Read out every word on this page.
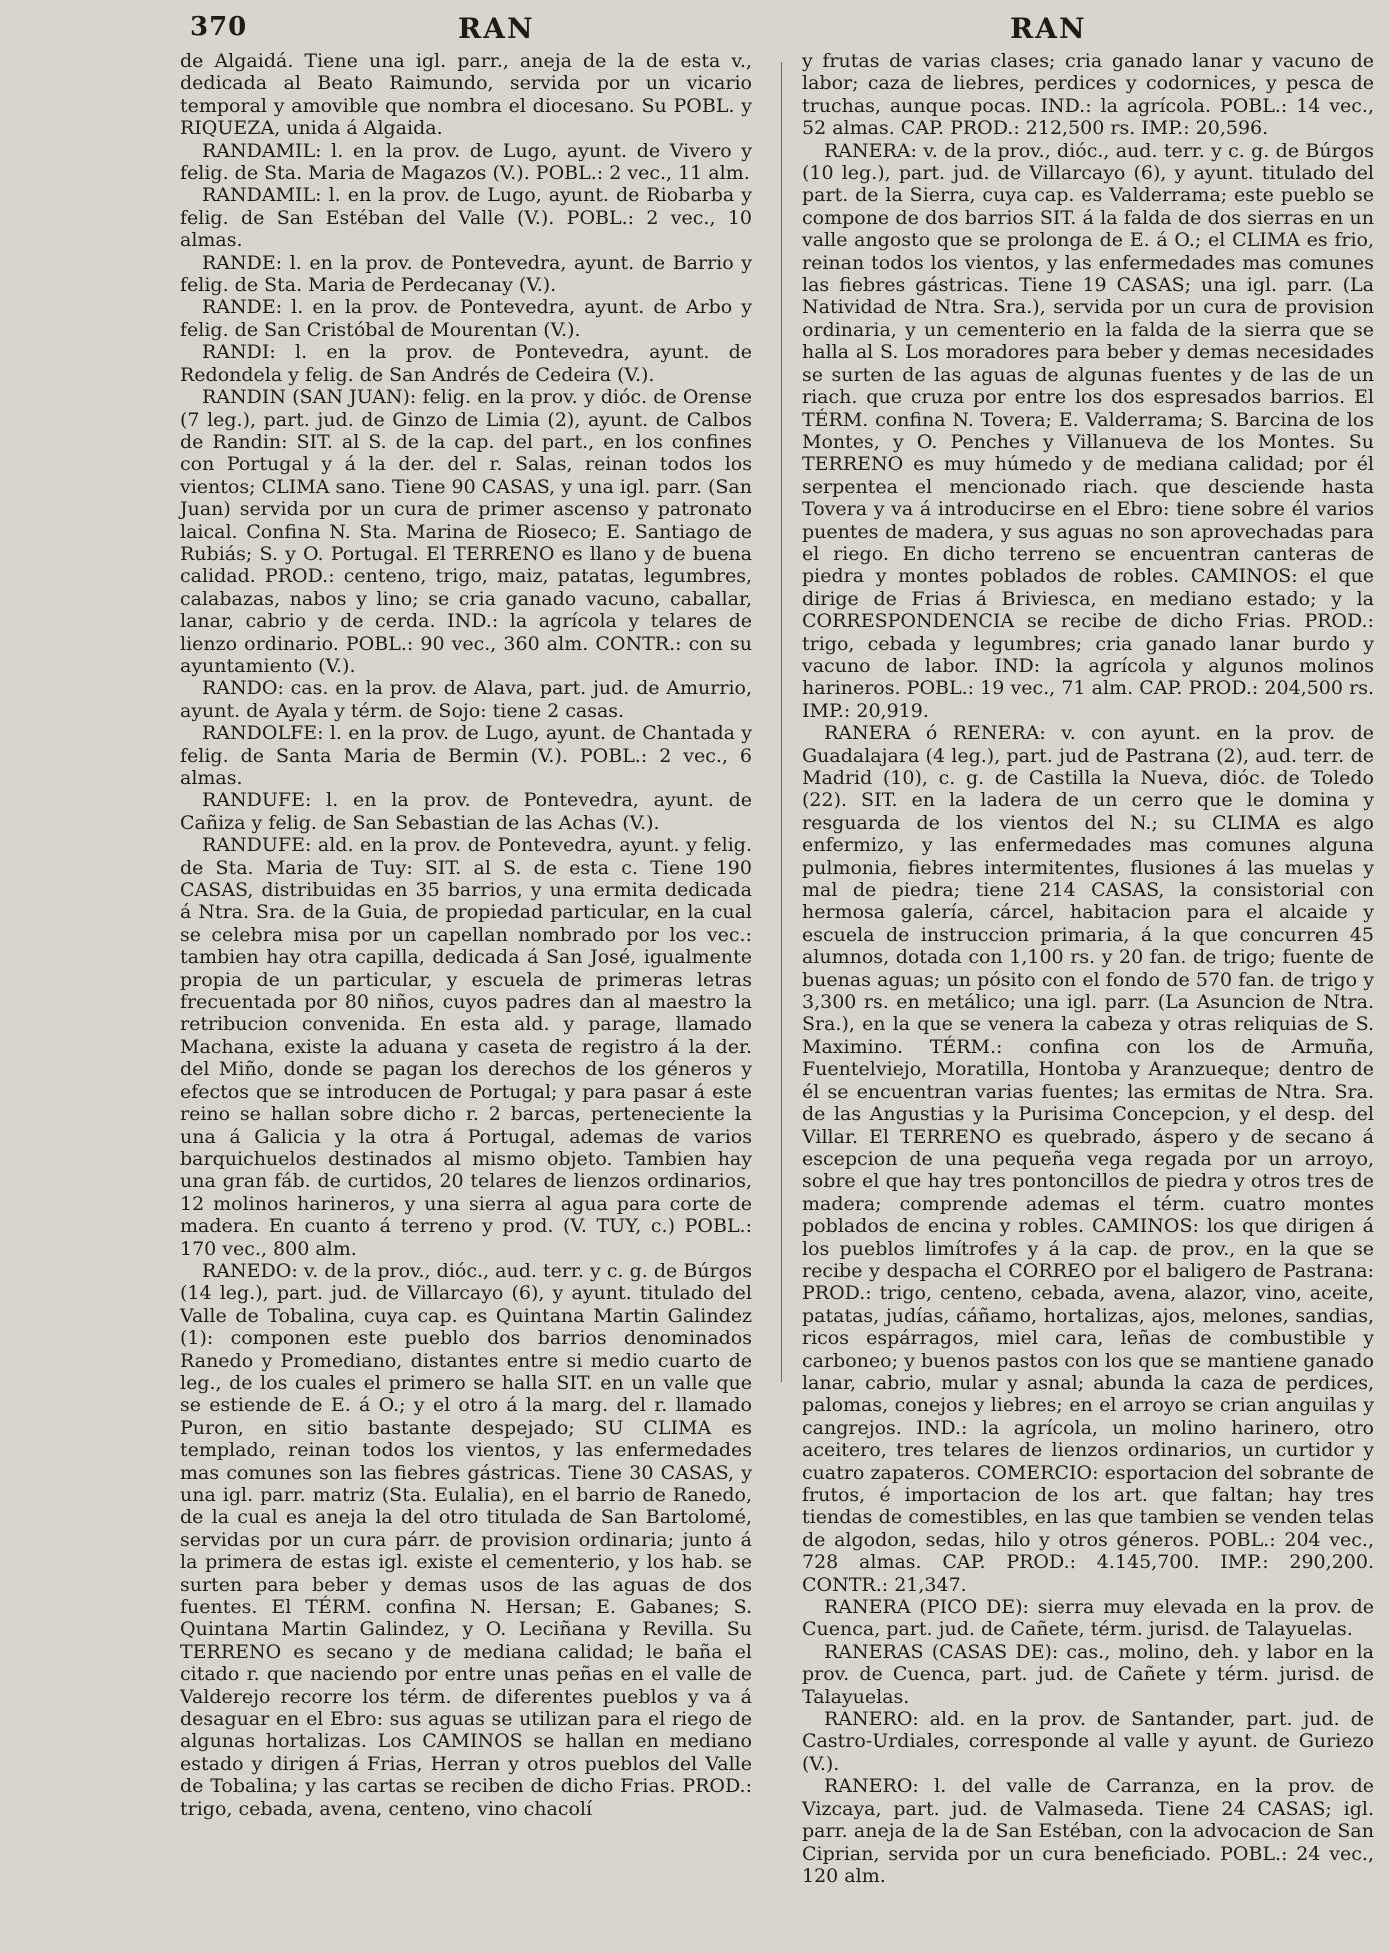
370	RAN	RAN

de Algaidá. Tiene una igl. parr., aneja de la de esta v., dedicada al Beato Raimundo, servida por un vicario temporal y amovible que nombra el diocesano. Su POBL. y RIQUEZA, unida á Algaida.

RANDAMIL: l. en la prov. de Lugo, ayunt. de Vivero y felig. de Sta. Maria de Magazos (V.). POBL.: 2 vec., 11 alm.

RANDAMIL: l. en la prov. de Lugo, ayunt. de Riobarba y felig. de San Estéban del Valle (V.). POBL.: 2 vec., 10 almas.

RANDE: l. en la prov. de Pontevedra, ayunt. de Barrio y felig. de Sta. Maria de Perdecanay (V.).

RANDE: l. en la prov. de Pontevedra, ayunt. de Arbo y felig. de San Cristóbal de Mourentan (V.).

RANDI: l. en la prov. de Pontevedra, ayunt. de Redondela y felig. de San Andrés de Cedeira (V.).

RANDIN (SAN JUAN): felig. en la prov. y dióc. de Orense (7 leg.), part. jud. de Ginzo de Limia (2), ayunt. de Calbos de Randin: SIT. al S. de la cap. del part., en los confines con Portugal y á la der. del r. Salas, reinan todos los vientos; CLIMA sano. Tiene 90 CASAS, y una igl. parr. (San Juan) servida por un cura de primer ascenso y patronato laical. Confina N. Sta. Marina de Rioseco; E. Santiago de Rubiás; S. y O. Portugal. El TERRENO es llano y de buena calidad. PROD.: centeno, trigo, maiz, patatas, legumbres, calabazas, nabos y lino; se cria ganado vacuno, caballar, lanar, cabrio y de cerda. IND.: la agrícola y telares de lienzo ordinario. POBL.: 90 vec., 360 alm. CONTR.: con su ayuntamiento (V.).

RANDO: cas. en la prov. de Alava, part. jud. de Amurrio, ayunt. de Ayala y térm. de Sojo: tiene 2 casas.

RANDOLFE: l. en la prov. de Lugo, ayunt. de Chantada y felig. de Santa Maria de Bermin (V.). POBL.: 2 vec., 6 almas.

RANDUFE: l. en la prov. de Pontevedra, ayunt. de Cañiza y felig. de San Sebastian de las Achas (V.).

RANDUFE: ald. en la prov. de Pontevedra, ayunt. y felig. de Sta. Maria de Tuy: SIT. al S. de esta c. Tiene 190 CASAS, distribuidas en 35 barrios, y una ermita dedicada á Ntra. Sra. de la Guia, de propiedad particular, en la cual se celebra misa por un capellan nombrado por los vec.: tambien hay otra capilla, dedicada á San José, igualmente propia de un particular, y escuela de primeras letras frecuentada por 80 niños, cuyos padres dan al maestro la retribucion convenida. En esta ald. y parage, llamado Machana, existe la aduana y caseta de registro á la der. del Miño, donde se pagan los derechos de los géneros y efectos que se introducen de Portugal; y para pasar á este reino se hallan sobre dicho r. 2 barcas, perteneciente la una á Galicia y la otra á Portugal, ademas de varios barquichuelos destinados al mismo objeto. Tambien hay una gran fáb. de curtidos, 20 telares de lienzos ordinarios, 12 molinos harineros, y una sierra al agua para corte de madera. En cuanto á terreno y prod. (V. TUY, c.) POBL.: 170 vec., 800 alm.

RANEDO: v. de la prov., dióc., aud. terr. y c. g. de Búrgos (14 leg.), part. jud. de Villarcayo (6), y ayunt. titulado del Valle de Tobalina, cuya cap. es Quintana Martin Galindez (1): componen este pueblo dos barrios denominados Ranedo y Promediano, distantes entre si medio cuarto de leg., de los cuales el primero se halla SIT. en un valle que se estiende de E. á O.; y el otro á la marg. del r. llamado Puron, en sitio bastante despejado; SU CLIMA es templado, reinan todos los vientos, y las enfermedades mas comunes son las fiebres gástricas. Tiene 30 CASAS, y una igl. parr. matriz (Sta. Eulalia), en el barrio de Ranedo, de la cual es aneja la del otro titulada de San Bartolomé, servidas por un cura párr. de provision ordinaria; junto á la primera de estas igl. existe el cementerio, y los hab. se surten para beber y demas usos de las aguas de dos fuentes. El TÉRM. confina N. Hersan; E. Gabanes; S. Quintana Martin Galindez, y O. Leciñana y Revilla. Su TERRENO es secano y de mediana calidad; le baña el citado r. que naciendo por entre unas peñas en el valle de Valderejo recorre los térm. de diferentes pueblos y va á desaguar en el Ebro: sus aguas se utilizan para el riego de algunas hortalizas. Los CAMINOS se hallan en mediano estado y dirigen á Frias, Herran y otros pueblos del Valle de Tobalina; y las cartas se reciben de dicho Frias. PROD.: trigo, cebada, avena, centeno, vino chacolí

y frutas de varias clases; cria ganado lanar y vacuno de labor; caza de liebres, perdices y codornices, y pesca de truchas, aunque pocas. IND.: la agrícola. POBL.: 14 vec., 52 almas. CAP. PROD.: 212,500 rs. IMP.: 20,596.

RANERA: v. de la prov., dióc., aud. terr. y c. g. de Búrgos (10 leg.), part. jud. de Villarcayo (6), y ayunt. titulado del part. de la Sierra, cuya cap. es Valderrama; este pueblo se compone de dos barrios SIT. á la falda de dos sierras en un valle angosto que se prolonga de E. á O.; el CLIMA es frio, reinan todos los vientos, y las enfermedades mas comunes las fiebres gástricas. Tiene 19 CASAS; una igl. parr. (La Natividad de Ntra. Sra.), servida por un cura de provision ordinaria, y un cementerio en la falda de la sierra que se halla al S. Los moradores para beber y demas necesidades se surten de las aguas de algunas fuentes y de las de un riach. que cruza por entre los dos espresados barrios. El TÉRM. confina N. Tovera; E. Valderrama; S. Barcina de los Montes, y O. Penches y Villanueva de los Montes. Su TERRENO es muy húmedo y de mediana calidad; por él serpentea el mencionado riach. que desciende hasta Tovera y va á introducirse en el Ebro: tiene sobre él varios puentes de madera, y sus aguas no son aprovechadas para el riego. En dicho terreno se encuentran canteras de piedra y montes poblados de robles. CAMINOS: el que dirige de Frias á Briviesca, en mediano estado; y la CORRESPONDENCIA se recibe de dicho Frias. PROD.: trigo, cebada y legumbres; cria ganado lanar burdo y vacuno de labor. IND: la agrícola y algunos molinos harineros. POBL.: 19 vec., 71 alm. CAP. PROD.: 204,500 rs. IMP.: 20,919.

RANERA ó RENERA: v. con ayunt. en la prov. de Guadalajara (4 leg.), part. jud de Pastrana (2), aud. terr. de Madrid (10), c. g. de Castilla la Nueva, dióc. de Toledo (22). SIT. en la ladera de un cerro que le domina y resguarda de los vientos del N.; su CLIMA es algo enfermizo, y las enfermedades mas comunes alguna pulmonia, fiebres intermitentes, flusiones á las muelas y mal de piedra; tiene 214 CASAS, la consistorial con hermosa galería, cárcel, habitacion para el alcaide y escuela de instruccion primaria, á la que concurren 45 alumnos, dotada con 1,100 rs. y 20 fan. de trigo; fuente de buenas aguas; un pósito con el fondo de 570 fan. de trigo y 3,300 rs. en metálico; una igl. parr. (La Asuncion de Ntra. Sra.), en la que se venera la cabeza y otras reliquias de S. Maximino. TÉRM.: confina con los de Armuña, Fuentelviejo, Moratilla, Hontoba y Aranzueque; dentro de él se encuentran varias fuentes; las ermitas de Ntra. Sra. de las Angustias y la Purisima Concepcion, y el desp. del Villar. El TERRENO es quebrado, áspero y de secano á escepcion de una pequeña vega regada por un arroyo, sobre el que hay tres pontoncillos de piedra y otros tres de madera; comprende ademas el térm. cuatro montes poblados de encina y robles. CAMINOS: los que dirigen á los pueblos limítrofes y á la cap. de prov., en la que se recibe y despacha el CORREO por el baligero de Pastrana: PROD.: trigo, centeno, cebada, avena, alazor, vino, aceite, patatas, judías, cáñamo, hortalizas, ajos, melones, sandias, ricos espárragos, miel cara, leñas de combustible y carboneo; y buenos pastos con los que se mantiene ganado lanar, cabrio, mular y asnal; abunda la caza de perdices, palomas, conejos y liebres; en el arroyo se crian anguilas y cangrejos. IND.: la agrícola, un molino harinero, otro aceitero, tres telares de lienzos ordinarios, un curtidor y cuatro zapateros. COMERCIO: esportacion del sobrante de frutos, é importacion de los art. que faltan; hay tres tiendas de comestibles, en las que tambien se venden telas de algodon, sedas, hilo y otros géneros. POBL.: 204 vec., 728 almas. CAP. PROD.: 4.145,700. IMP.: 290,200. CONTR.: 21,347.

RANERA (PICO DE): sierra muy elevada en la prov. de Cuenca, part. jud. de Cañete, térm. jurisd. de Talayuelas.

RANERAS (CASAS DE): cas., molino, deh. y labor en la prov. de Cuenca, part. jud. de Cañete y térm. jurisd. de Talayuelas.

RANERO: ald. en la prov. de Santander, part. jud. de Castro-Urdiales, corresponde al valle y ayunt. de Guriezo (V.).

RANERO: l. del valle de Carranza, en la prov. de Vizcaya, part. jud. de Valmaseda. Tiene 24 CASAS; igl. parr. aneja de la de San Estéban, con la advocacion de San Ciprian, servida por un cura beneficiado. POBL.: 24 vec., 120 alm.
